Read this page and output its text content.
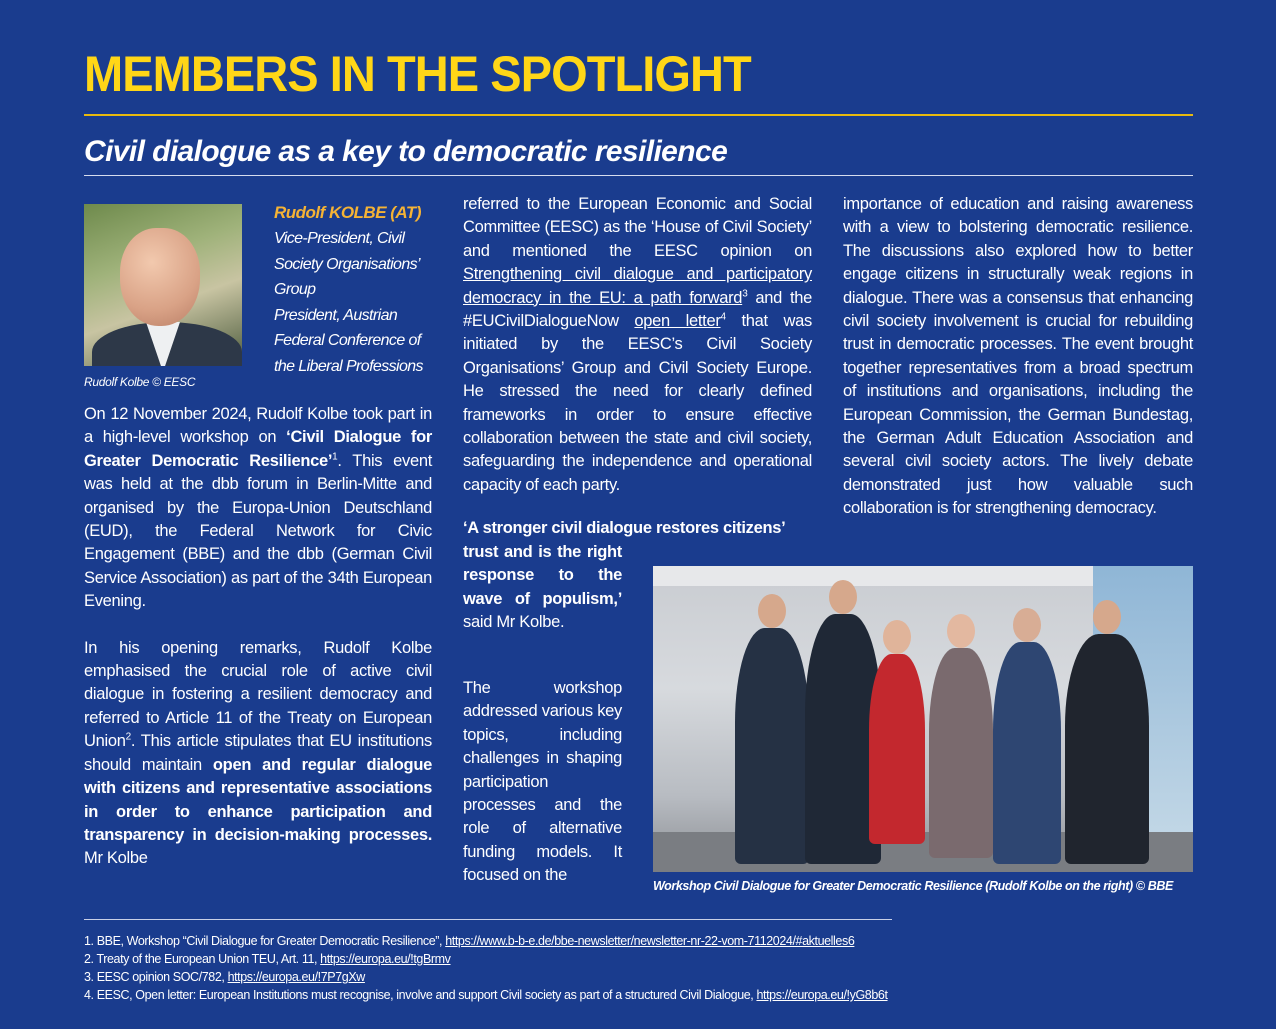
MEMBERS IN THE SPOTLIGHT
Civil dialogue as a key to democratic resilience
Rudolf Kolbe © EESC
Rudolf KOLBE (AT)
Vice-President, Civil
Society Organisations’
Group
President, Austrian
Federal Conference of
the Liberal Professions

On 12 November 2024, Rudolf Kolbe took part in a high-level workshop on ‘Civil Dialogue for Greater Democratic Resilience’$^1$. This event was held at the dbb forum in Berlin-Mitte and organised by the Europa-Union Deutschland (EUD), the Federal Network for Civic Engagement (BBE) and the dbb (German Civil Service Association) as part of the 34th European Evening.

In his opening remarks, Rudolf Kolbe emphasised the crucial role of active civil dialogue in fostering a resilient democracy and referred to Article 11 of the Treaty on European Union$^2$. This article stipulates that EU institutions should maintain open and regular dialogue with citizens and representative associations in order to enhance participation and transparency in decision-making processes. Mr Kolbe

referred to the European Economic and Social Committee (EESC) as the ‘House of Civil Society’ and mentioned the EESC opinion on Strengthening civil dialogue and participatory democracy in the EU: a path forward$^3$ and the #EUCivilDialogueNow open letter$^4$ that was initiated by the EESC’s Civil Society Organisations’ Group and Civil Society Europe. He stressed the need for clearly defined frameworks in order to ensure effective collaboration between the state and civil society, safeguarding the independence and operational capacity of each party.

‘A stronger civil dialogue restores citizens’

trust and is the right response to the wave of populism,’ said Mr Kolbe.

The workshop addressed various key topics, including challenges in shaping participation processes and the role of alternative funding models. It focused on the

importance of education and raising awareness with a view to bolstering democratic resilience. The discussions also explored how to better engage citizens in structurally weak regions in dialogue. There was a consensus that enhancing civil society involvement is crucial for rebuilding trust in democratic processes. The event brought together representatives from a broad spectrum of institutions and organisations, including the European Commission, the German Bundestag, the German Adult Education Association and several civil society actors. The lively debate demonstrated just how valuable such collaboration is for strengthening democracy.

Workshop Civil Dialogue for Greater Democratic Resilience (Rudolf Kolbe on the right) © BBE
1. BBE, Workshop “Civil Dialogue for Greater Democratic Resilience”, https://www.b-b-e.de/bbe-newsletter/newsletter-nr-22-vom-7112024/#aktuelles6
2. Treaty of the European Union TEU, Art. 11, https://europa.eu/!tgBrmv
3. EESC opinion SOC/782, https://europa.eu/!7P7gXw
4. EESC, Open letter: European Institutions must recognise, involve and support Civil society as part of a structured Civil Dialogue, https://europa.eu/!yG8b6t
